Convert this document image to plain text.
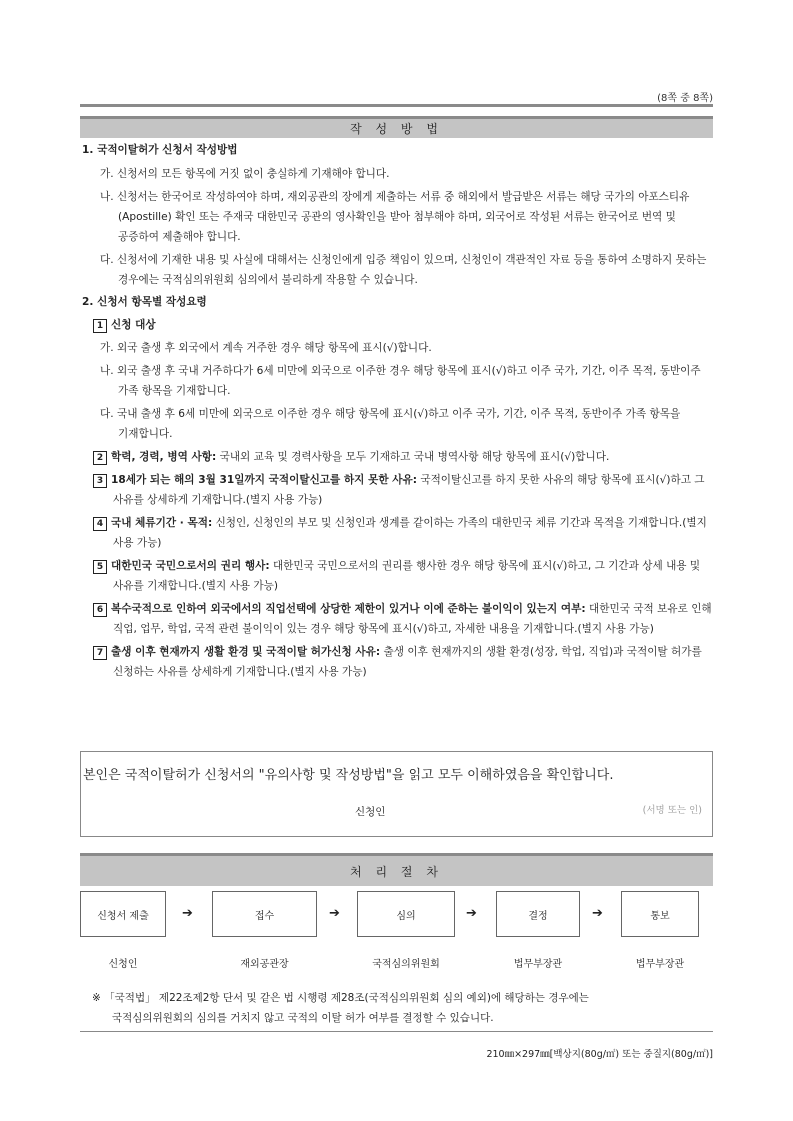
(8쪽 중 8쪽)
작 성 방 법
1. 국적이탈허가 신청서 작성방법
가. 신청서의 모든 항목에 거짓 없이 충실하게 기재해야 합니다.
나. 신청서는 한국어로 작성하여야 하며, 재외공관의 장에게 제출하는 서류 중 해외에서 발급받은 서류는 해당 국가의 아포스티유(Apostille) 확인 또는 주재국 대한민국 공관의 영사확인을 받아 첨부해야 하며, 외국어로 작성된 서류는 한국어로 번역 및 공증하여 제출해야 합니다.
다. 신청서에 기재한 내용 및 사실에 대해서는 신청인에게 입증 책임이 있으며, 신청인이 객관적인 자료 등을 통하여 소명하지 못하는 경우에는 국적심의위원회 심의에서 불리하게 작용할 수 있습니다.
2. 신청서 항목별 작성요령
1 신청 대상
가. 외국 출생 후 외국에서 계속 거주한 경우 해당 항목에 표시(√)합니다.
나. 외국 출생 후 국내 거주하다가 6세 미만에 외국으로 이주한 경우 해당 항목에 표시(√)하고 이주 국가, 기간, 이주 목적, 동반이주 가족 항목을 기재합니다.
다. 국내 출생 후 6세 미만에 외국으로 이주한 경우 해당 항목에 표시(√)하고 이주 국가, 기간, 이주 목적, 동반이주 가족 항목을 기재합니다.
2 학력, 경력, 병역 사항: 국내외 교육 및 경력사항을 모두 기재하고 국내 병역사항 해당 항목에 표시(√)합니다.
3 18세가 되는 해의 3월 31일까지 국적이탈신고를 하지 못한 사유: 국적이탈신고를 하지 못한 사유의 해당 항목에 표시(√)하고 그 사유를 상세하게 기재합니다.(별지 사용 가능)
4 국내 체류기간 · 목적: 신청인, 신청인의 부모 및 신청인과 생계를 같이하는 가족의 대한민국 체류 기간과 목적을 기재합니다.(별지 사용 가능)
5 대한민국 국민으로서의 권리 행사: 대한민국 국민으로서의 권리를 행사한 경우 해당 항목에 표시(√)하고, 그 기간과 상세 내용 및 사유를 기재합니다.(별지 사용 가능)
6 복수국적으로 인하여 외국에서의 직업선택에 상당한 제한이 있거나 이에 준하는 불이익이 있는지 여부: 대한민국 국적 보유로 인해 직업, 업무, 학업, 국적 관련 불이익이 있는 경우 해당 항목에 표시(√)하고, 자세한 내용을 기재합니다.(별지 사용 가능)
7 출생 이후 현재까지 생활 환경 및 국적이탈 허가신청 사유: 출생 이후 현재까지의 생활 환경(성장, 학업, 직업)과 국적이탈 허가를 신청하는 사유를 상세하게 기재합니다.(별지 사용 가능)
본인은 국적이탈허가 신청서의 "유의사항 및 작성방법"을 읽고 모두 이해하였음을 확인합니다.
신청인	(서명 또는 인)
처 리 절 차
신청서 제출	➔	접수	➔	심의	➔	결정	➔	통보
신청인	재외공관장	국적심의위원회	법무부장관	법무부장관
※ 「국적법」 제22조제2항 단서 및 같은 법 시행령 제28조(국적심의위원회 심의 예외)에 해당하는 경우에는
국적심의위원회의 심의를 거치지 않고 국적의 이탈 허가 여부를 결정할 수 있습니다.
210㎜×297㎜[백상지(80g/㎡) 또는 중질지(80g/㎡)]
